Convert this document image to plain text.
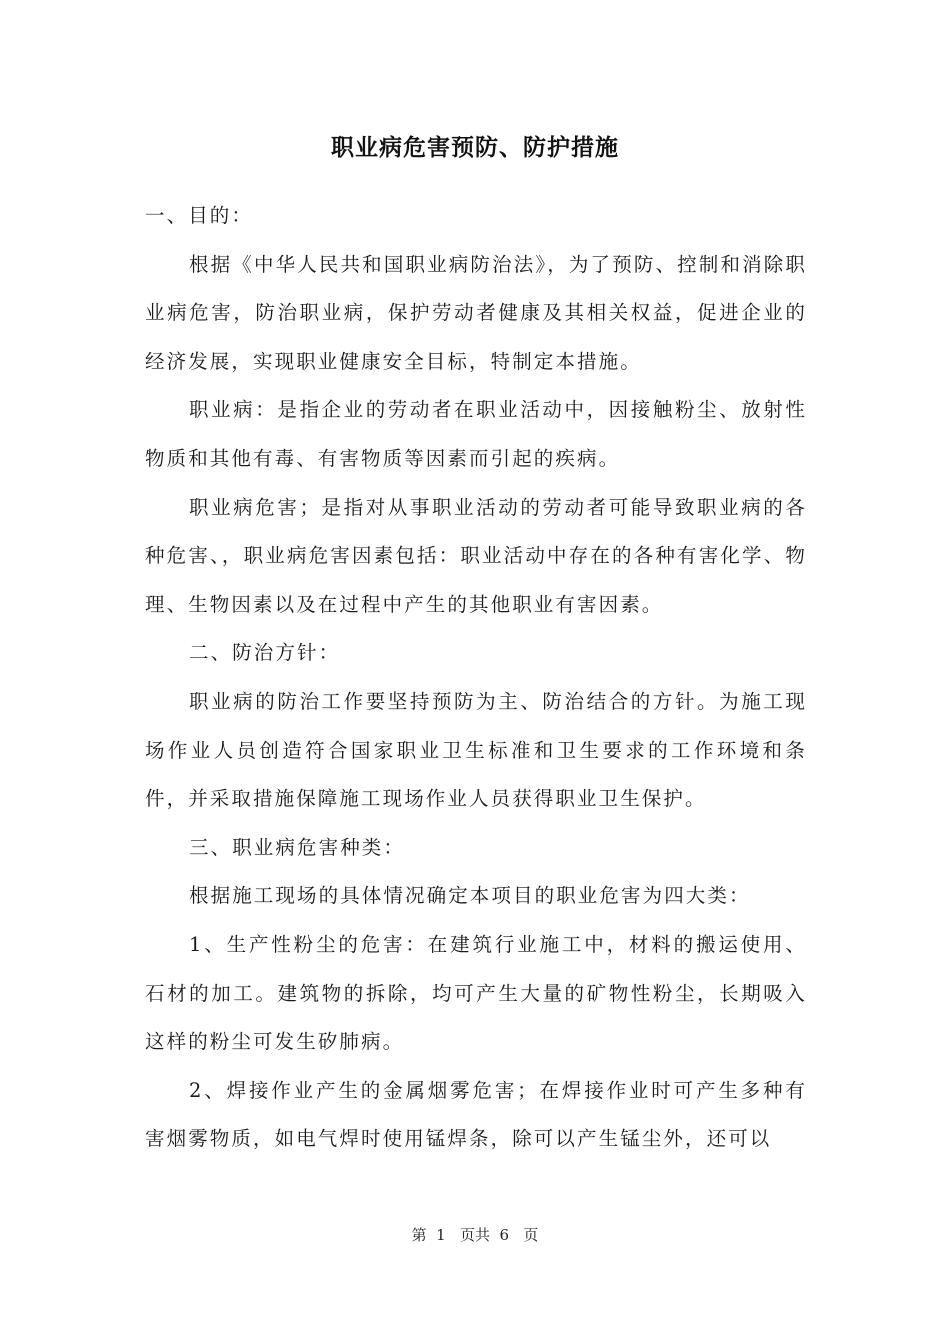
职业病危害预防、防护措施

一、目的：

根据《中华人民共和国职业病防治法》，为了预防、控制和消除职业病危害，防治职业病，保护劳动者健康及其相关权益，促进企业的经济发展，实现职业健康安全目标，特制定本措施。

职业病：是指企业的劳动者在职业活动中，因接触粉尘、放射性物质和其他有毒、有害物质等因素而引起的疾病。

职业病危害；是指对从事职业活动的劳动者可能导致职业病的各种危害、，职业病危害因素包括：职业活动中存在的各种有害化学、物理、生物因素以及在过程中产生的其他职业有害因素。

二、防治方针：

职业病的防治工作要坚持预防为主、防治结合的方针。为施工现场作业人员创造符合国家职业卫生标准和卫生要求的工作环境和条件，并采取措施保障施工现场作业人员获得职业卫生保护。

三、职业病危害种类：

根据施工现场的具体情况确定本项目的职业危害为四大类：

1、生产性粉尘的危害：在建筑行业施工中，材料的搬运使用、石材的加工。建筑物的拆除，均可产生大量的矿物性粉尘，长期吸入这样的粉尘可发生矽肺病。

2、焊接作业产生的金属烟雾危害；在焊接作业时可产生多种有害烟雾物质，如电气焊时使用锰焊条，除可以产生锰尘外，还可以

第  1   页共  6   页
